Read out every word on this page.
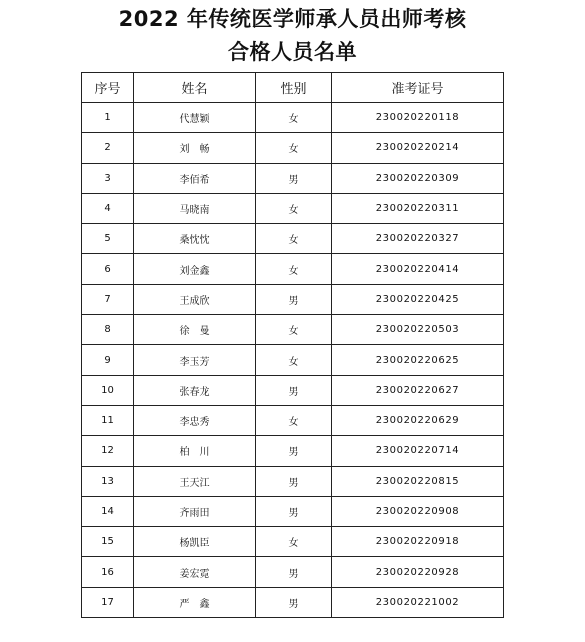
2022 年传统医学师承人员出师考核
合格人员名单
序号	姓名	性别	准考证号
1	代慧颖	女	230020220118
2	刘　畅	女	230020220214
3	李佰希	男	230020220309
4	马晓南	女	230020220311
5	桑忱忱	女	230020220327
6	刘金鑫	女	230020220414
7	王成欣	男	230020220425
8	徐　曼	女	230020220503
9	李玉芳	女	230020220625
10	张春龙	男	230020220627
11	李忠秀	女	230020220629
12	柏　川	男	230020220714
13	王天江	男	230020220815
14	齐雨田	男	230020220908
15	杨凯臣	女	230020220918
16	姜宏霓	男	230020220928
17	严　鑫	男	230020221002
